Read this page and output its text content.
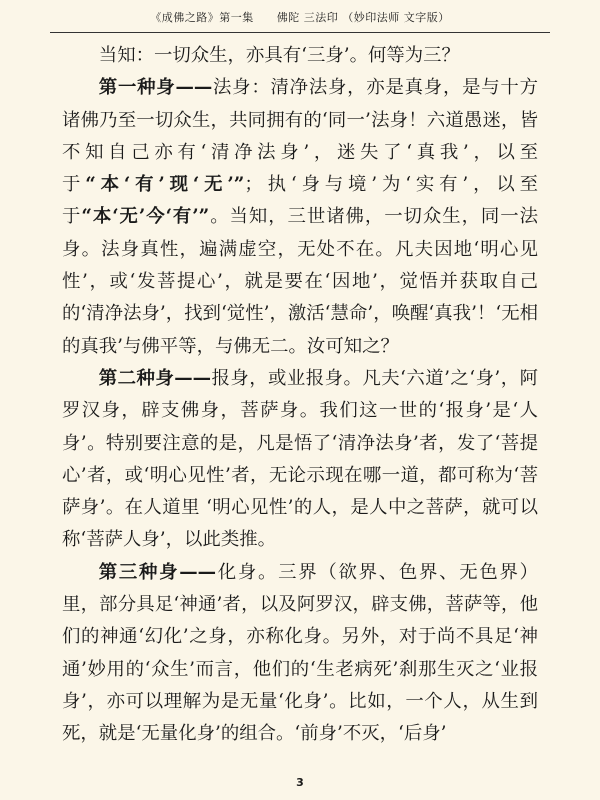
《成佛之路》第一集　　佛陀 三法印 （妙印法师 文字版）

当知：一切众生，亦具有‘三身’。何等为三？

第一种身——法身：清净法身，亦是真身，是与十方诸佛乃至一切众生，共同拥有的‘同一’法身！六道愚迷，皆不知自己亦有‘清净法身’，迷失了‘真我’，以至于“本‘有’现‘无’”；执‘身与境’为‘实有’，以至于“本‘无’今‘有’”。当知，三世诸佛，一切众生，同一法身。法身真性，遍满虚空，无处不在。凡夫因地‘明心见性’，或‘发菩提心’，就是要在‘因地’，觉悟并获取自己的‘清净法身’，找到‘觉性’，激活‘慧命’，唤醒‘真我’！‘无相的真我’与佛平等，与佛无二。汝可知之？

第二种身——报身，或业报身。凡夫‘六道’之‘身’，阿罗汉身，辟支佛身，菩萨身。我们这一世的‘报身’是‘人身’。特别要注意的是，凡是悟了‘清净法身’者，发了‘菩提心’者，或‘明心见性’者，无论示现在哪一道，都可称为‘菩萨身’。在人道里 ‘明心见性’的人，是人中之菩萨，就可以称‘菩萨人身’，以此类推。

第三种身——化身。三界（欲界、色界、无色界）里，部分具足‘神通’者，以及阿罗汉，辟支佛，菩萨等，他们的神通‘幻化’之身，亦称化身。另外，对于尚不具足‘神通’妙用的‘众生’而言，他们的‘生老病死’刹那生灭之‘业报身’，亦可以理解为是无量‘化身’。比如，一个人，从生到死，就是‘无量化身’的组合。‘前身’不灭，‘后身’

3
